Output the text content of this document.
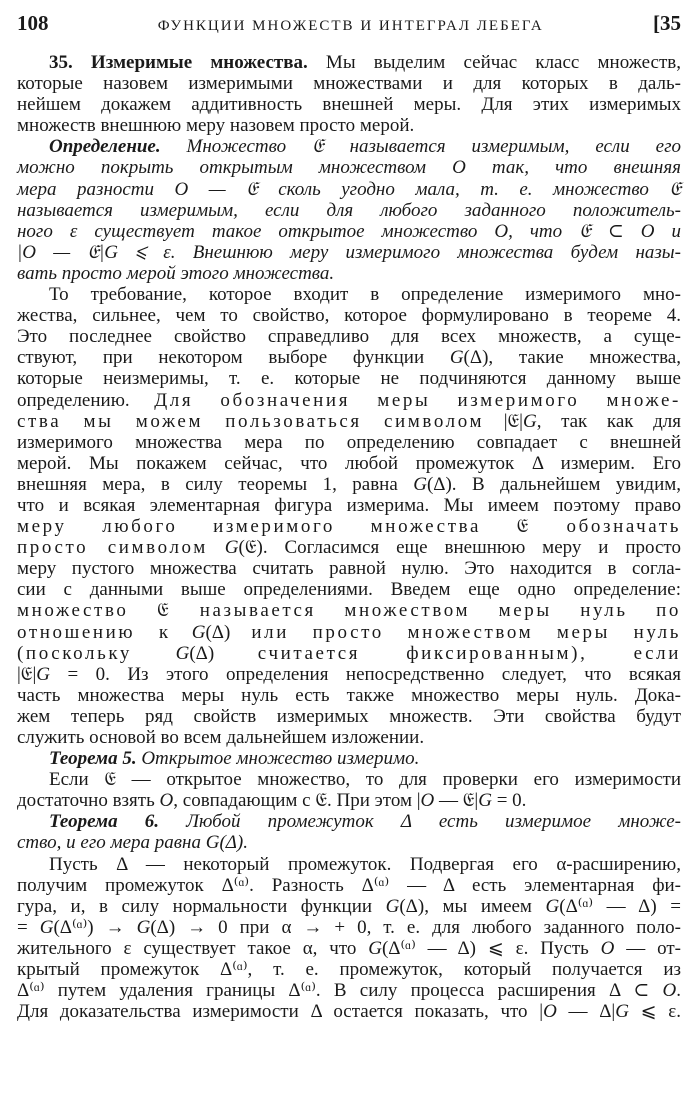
108	ФУНКЦИИ МНОЖЕСТВ И ИНТЕГРАЛ ЛЕБЕГА	[35
35. Измеримые множества. Мы выделим сейчас класс множеств,
которые назовем измеримыми множествами и для которых в даль-
нейшем докажем аддитивность внешней меры. Для этих измеримых
множеств внешнюю меру назовем просто мерой.
Определение. Множество 𝔈 называется измеримым, если его
можно покрыть открытым множеством O так, что внешняя
мера разности O — 𝔈 сколь угодно мала, т. е. множество 𝔈
называется измеримым, если для любого заданного положитель-
ного ε существует такое открытое множество O, что 𝔈 ⊂ O и
|O — 𝔈|G ⩽ ε. Внешнюю меру измеримого множества будем назы-
вать просто мерой этого множества.
То требование, которое входит в определение измеримого мно-
жества, сильнее, чем то свойство, которое формулировано в теореме 4.
Это последнее свойство справедливо для всех множеств, а суще-
ствуют, при некотором выборе функции G(Δ), такие множества,
которые неизмеримы, т. е. которые не подчиняются данному выше
определению. Для обозначения меры измеримого множе-
ства мы можем пользоваться символом |𝔈|G, так как для
измеримого множества мера по определению совпадает с внешней
мерой. Мы покажем сейчас, что любой промежуток Δ измерим. Его
внешняя мера, в силу теоремы 1, равна G(Δ). В дальнейшем увидим,
что и всякая элементарная фигура измерима. Мы имеем поэтому право
меру любого измеримого множества 𝔈 обозначать
просто символом G(𝔈). Согласимся еще внешнюю меру и просто
меру пустого множества считать равной нулю. Это находится в согла-
сии с данными выше определениями. Введем еще одно определение:
множество 𝔈 называется множеством меры нуль по
отношению к G(Δ) или просто множеством меры нуль
(поскольку G(Δ) считается фиксированным), если
|𝔈|G = 0. Из этого определения непосредственно следует, что всякая
часть множества меры нуль есть также множество меры нуль. Дока-
жем теперь ряд свойств измеримых множеств. Эти свойства будут
служить основой во всем дальнейшем изложении.
Теорема 5. Открытое множество измеримо.
Если 𝔈 — открытое множество, то для проверки его измеримости
достаточно взять O, совпадающим с 𝔈. При этом |O — 𝔈|G = 0.
Теорема 6. Любой промежуток Δ есть измеримое множе-
ство, и его мера равна G(Δ).
Пусть Δ — некоторый промежуток. Подвергая его α-расширению,
получим промежуток Δ⁽ᵅ⁾. Разность Δ⁽ᵅ⁾ — Δ есть элементарная фи-
гура, и, в силу нормальности функции G(Δ), мы имеем G(Δ⁽ᵅ⁾ — Δ) =
= G(Δ⁽ᵅ⁾) → G(Δ) → 0 при α → + 0, т. е. для любого заданного поло-
жительного ε существует такое α, что G(Δ⁽ᵅ⁾ — Δ) ⩽ ε. Пусть O — от-
крытый промежуток Δ⁽ᵅ⁾, т. е. промежуток, который получается из
Δ⁽ᵅ⁾ путем удаления границы Δ⁽ᵅ⁾. В силу процесса расширения Δ ⊂ O.
Для доказательства измеримости Δ остается показать, что |O — Δ|G ⩽ ε.
